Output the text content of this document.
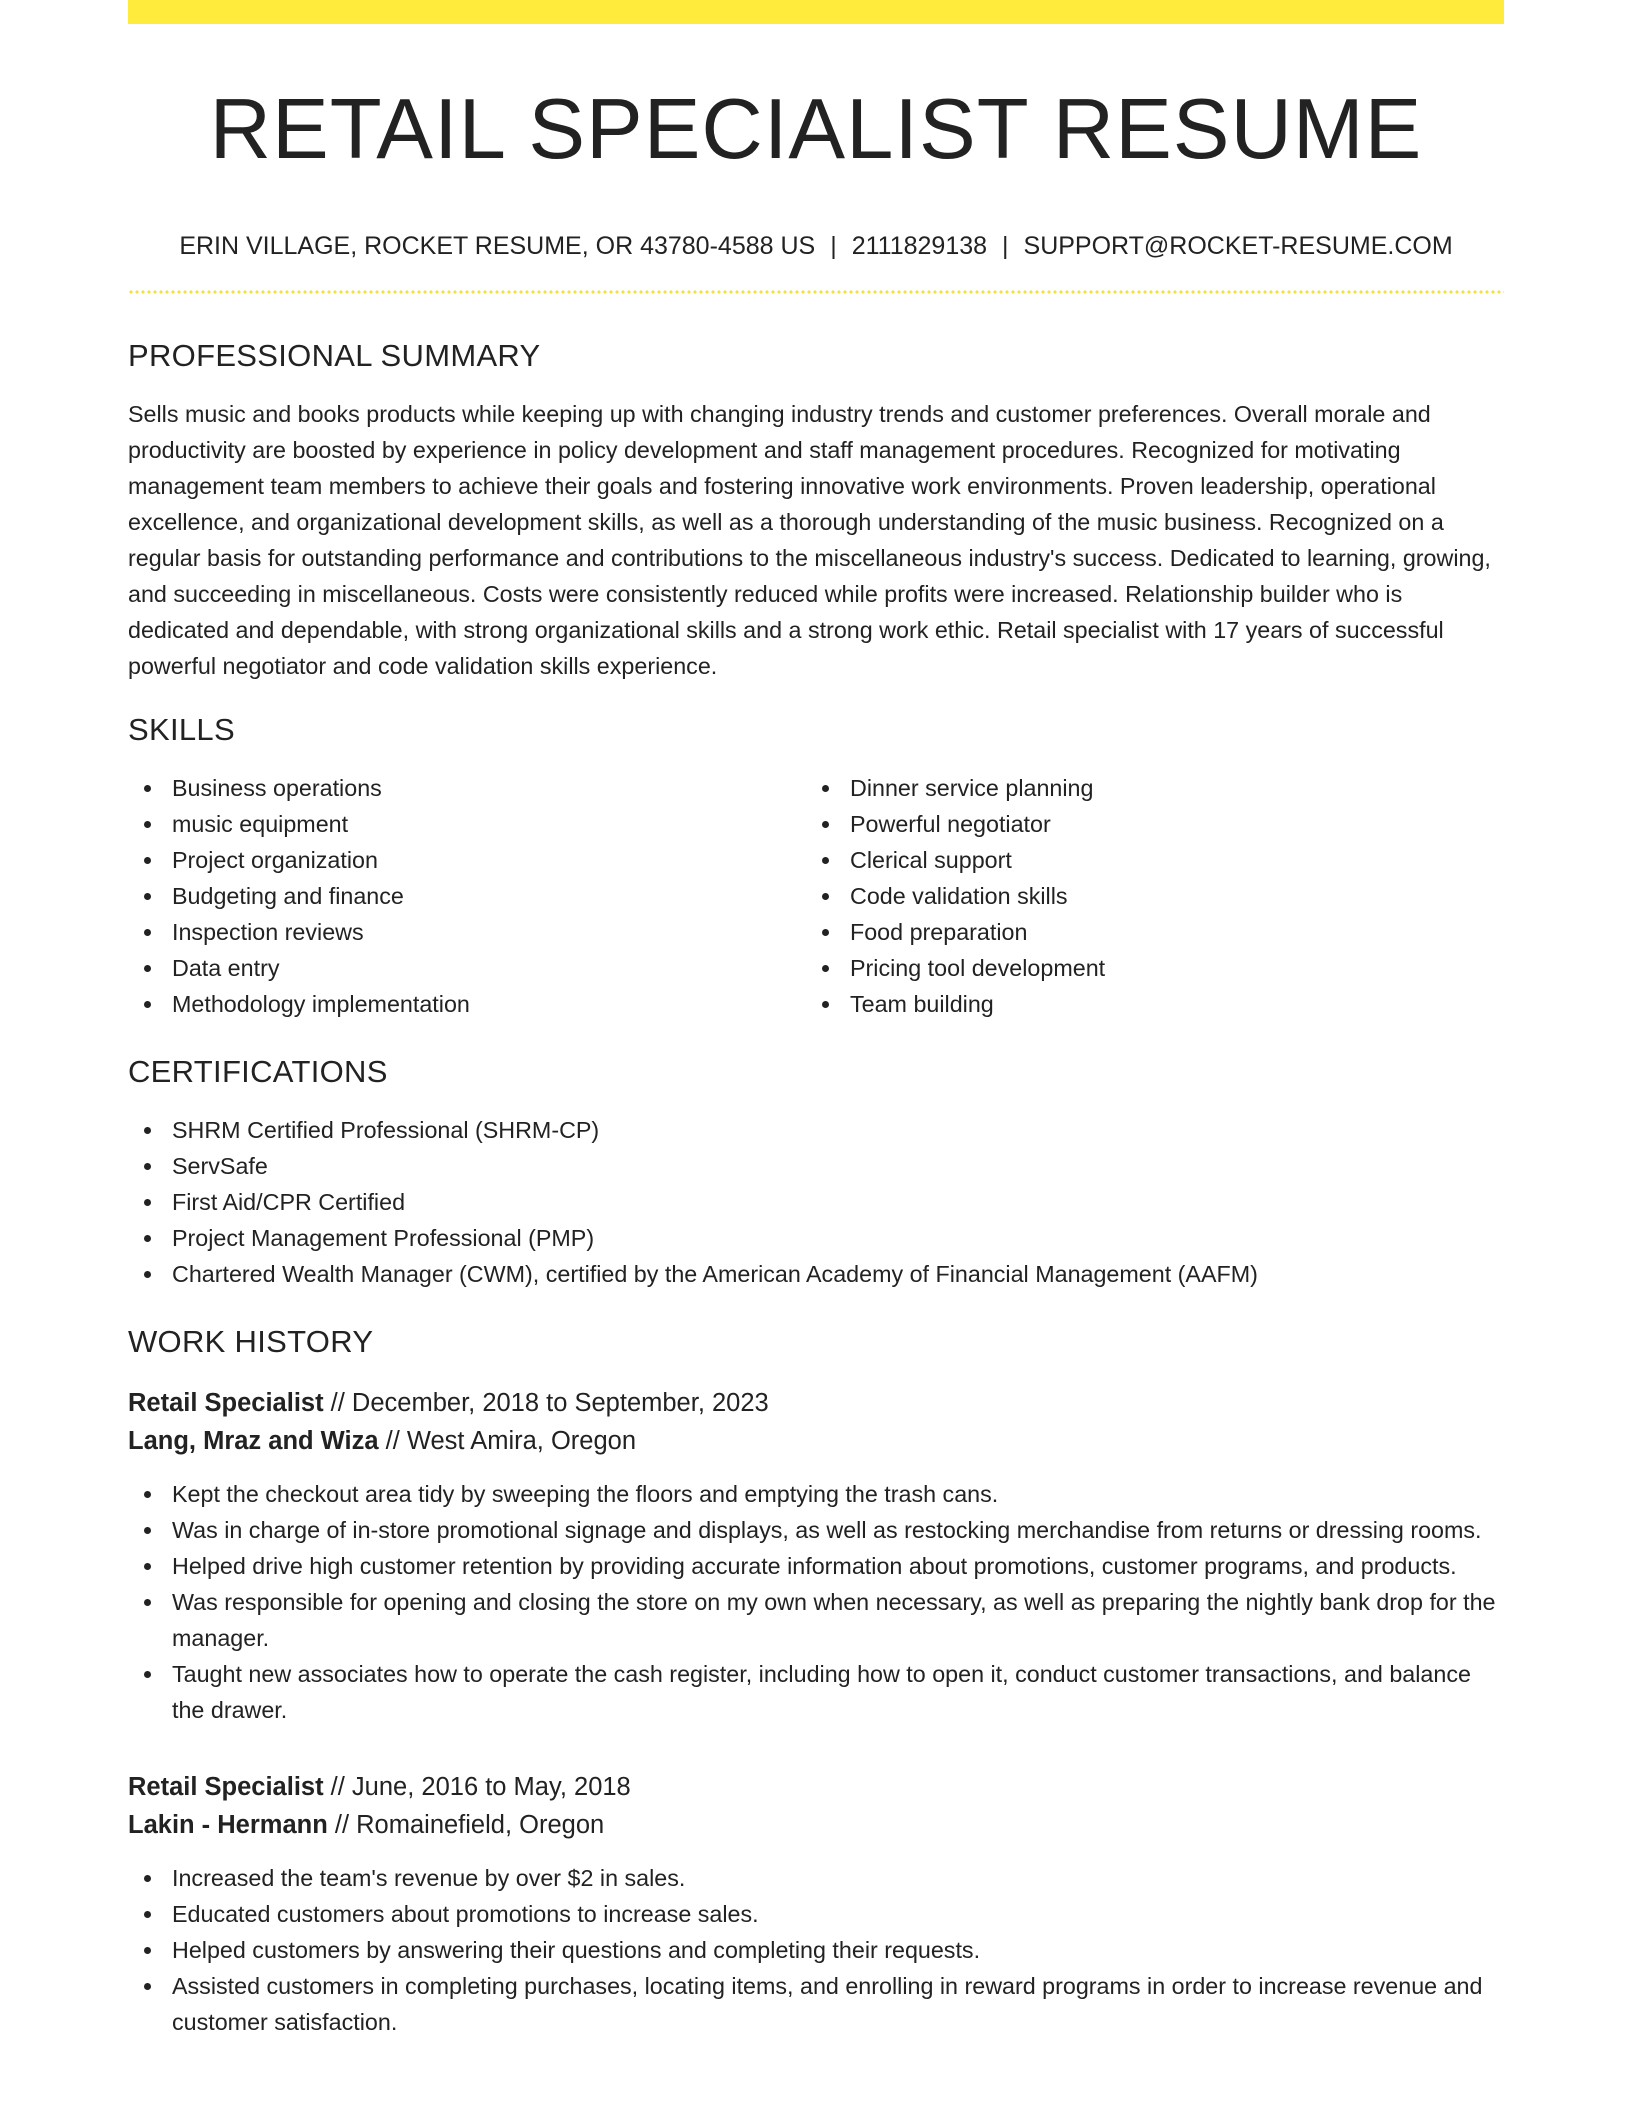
RETAIL SPECIALIST RESUME
ERIN VILLAGE, ROCKET RESUME, OR 43780-4588 US | 2111829138 | SUPPORT@ROCKET-RESUME.COM
PROFESSIONAL SUMMARY

Sells music and books products while keeping up with changing industry trends and customer preferences. Overall morale and productivity are boosted by experience in policy development and staff management procedures. Recognized for motivating management team members to achieve their goals and fostering innovative work environments. Proven leadership, operational excellence, and organizational development skills, as well as a thorough understanding of the music business. Recognized on a regular basis for outstanding performance and contributions to the miscellaneous industry's success. Dedicated to learning, growing, and succeeding in miscellaneous. Costs were consistently reduced while profits were increased. Relationship builder who is dedicated and dependable, with strong organizational skills and a strong work ethic. Retail specialist with 17 years of successful powerful negotiator and code validation skills experience.

SKILLS
Business operations
music equipment
Project organization
Budgeting and finance
Inspection reviews
Data entry
Methodology implementation
Dinner service planning
Powerful negotiator
Clerical support
Code validation skills
Food preparation
Pricing tool development
Team building
CERTIFICATIONS
SHRM Certified Professional (SHRM-CP)
ServSafe
First Aid/CPR Certified
Project Management Professional (PMP)
Chartered Wealth Manager (CWM), certified by the American Academy of Financial Management (AAFM)
WORK HISTORY
Retail Specialist // December, 2018 to September, 2023
Lang, Mraz and Wiza // West Amira, Oregon
Kept the checkout area tidy by sweeping the floors and emptying the trash cans.
Was in charge of in-store promotional signage and displays, as well as restocking merchandise from returns or dressing rooms.
Helped drive high customer retention by providing accurate information about promotions, customer programs, and products.
Was responsible for opening and closing the store on my own when necessary, as well as preparing the nightly bank drop for the manager.
Taught new associates how to operate the cash register, including how to open it, conduct customer transactions, and balance the drawer.
Retail Specialist // June, 2016 to May, 2018
Lakin - Hermann // Romainefield, Oregon
Increased the team's revenue by over $2 in sales.
Educated customers about promotions to increase sales.
Helped customers by answering their questions and completing their requests.
Assisted customers in completing purchases, locating items, and enrolling in reward programs in order to increase revenue and customer satisfaction.
